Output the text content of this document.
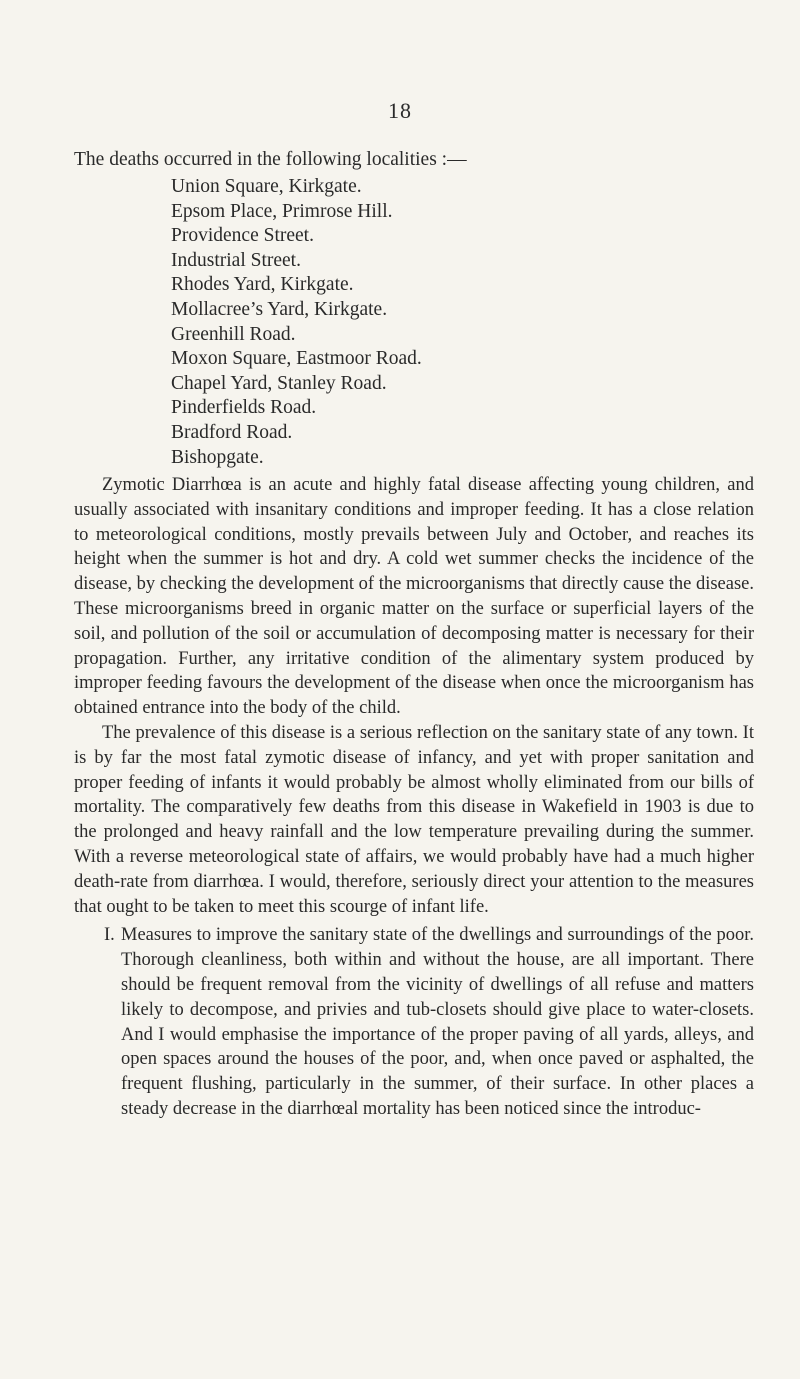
18
The deaths occurred in the following localities :—
Union Square, Kirkgate.
Epsom Place, Primrose Hill.
Providence Street.
Industrial Street.
Rhodes Yard, Kirkgate.
Mollacree’s Yard, Kirkgate.
Greenhill Road.
Moxon Square, Eastmoor Road.
Chapel Yard, Stanley Road.
Pinderfields Road.
Bradford Road.
Bishopgate.

Zymotic Diarrhœa is an acute and highly fatal disease affecting young children, and usually associated with insanitary conditions and improper feeding. It has a close relation to meteorological conditions, mostly prevails between July and October, and reaches its height when the summer is hot and dry. A cold wet summer checks the incidence of the disease, by checking the development of the microorganisms that directly cause the disease. These microorganisms breed in organic matter on the surface or superficial layers of the soil, and pollution of the soil or accumulation of decomposing matter is necessary for their propagation. Further, any irritative condition of the alimentary system produced by improper feeding favours the development of the disease when once the microorganism has obtained entrance into the body of the child.

The prevalence of this disease is a serious reflection on the sanitary state of any town. It is by far the most fatal zymotic disease of infancy, and yet with proper sanitation and proper feeding of infants it would probably be almost wholly eliminated from our bills of mortality. The comparatively few deaths from this disease in Wakefield in 1903 is due to the prolonged and heavy rainfall and the low temperature prevailing during the summer. With a reverse meteorological state of affairs, we would probably have had a much higher death-rate from diarrhœa. I would, therefore, seriously direct your attention to the measures that ought to be taken to meet this scourge of infant life.

I. Measures to improve the sanitary state of the dwellings and surroundings of the poor. Thorough cleanliness, both within and without the house, are all important. There should be frequent removal from the vicinity of dwellings of all refuse and matters likely to decompose, and privies and tub-closets should give place to water-closets. And I would emphasise the importance of the proper paving of all yards, alleys, and open spaces around the houses of the poor, and, when once paved or asphalted, the frequent flushing, particularly in the summer, of their surface. In other places a steady decrease in the diarrhœal mortality has been noticed since the introduc-
